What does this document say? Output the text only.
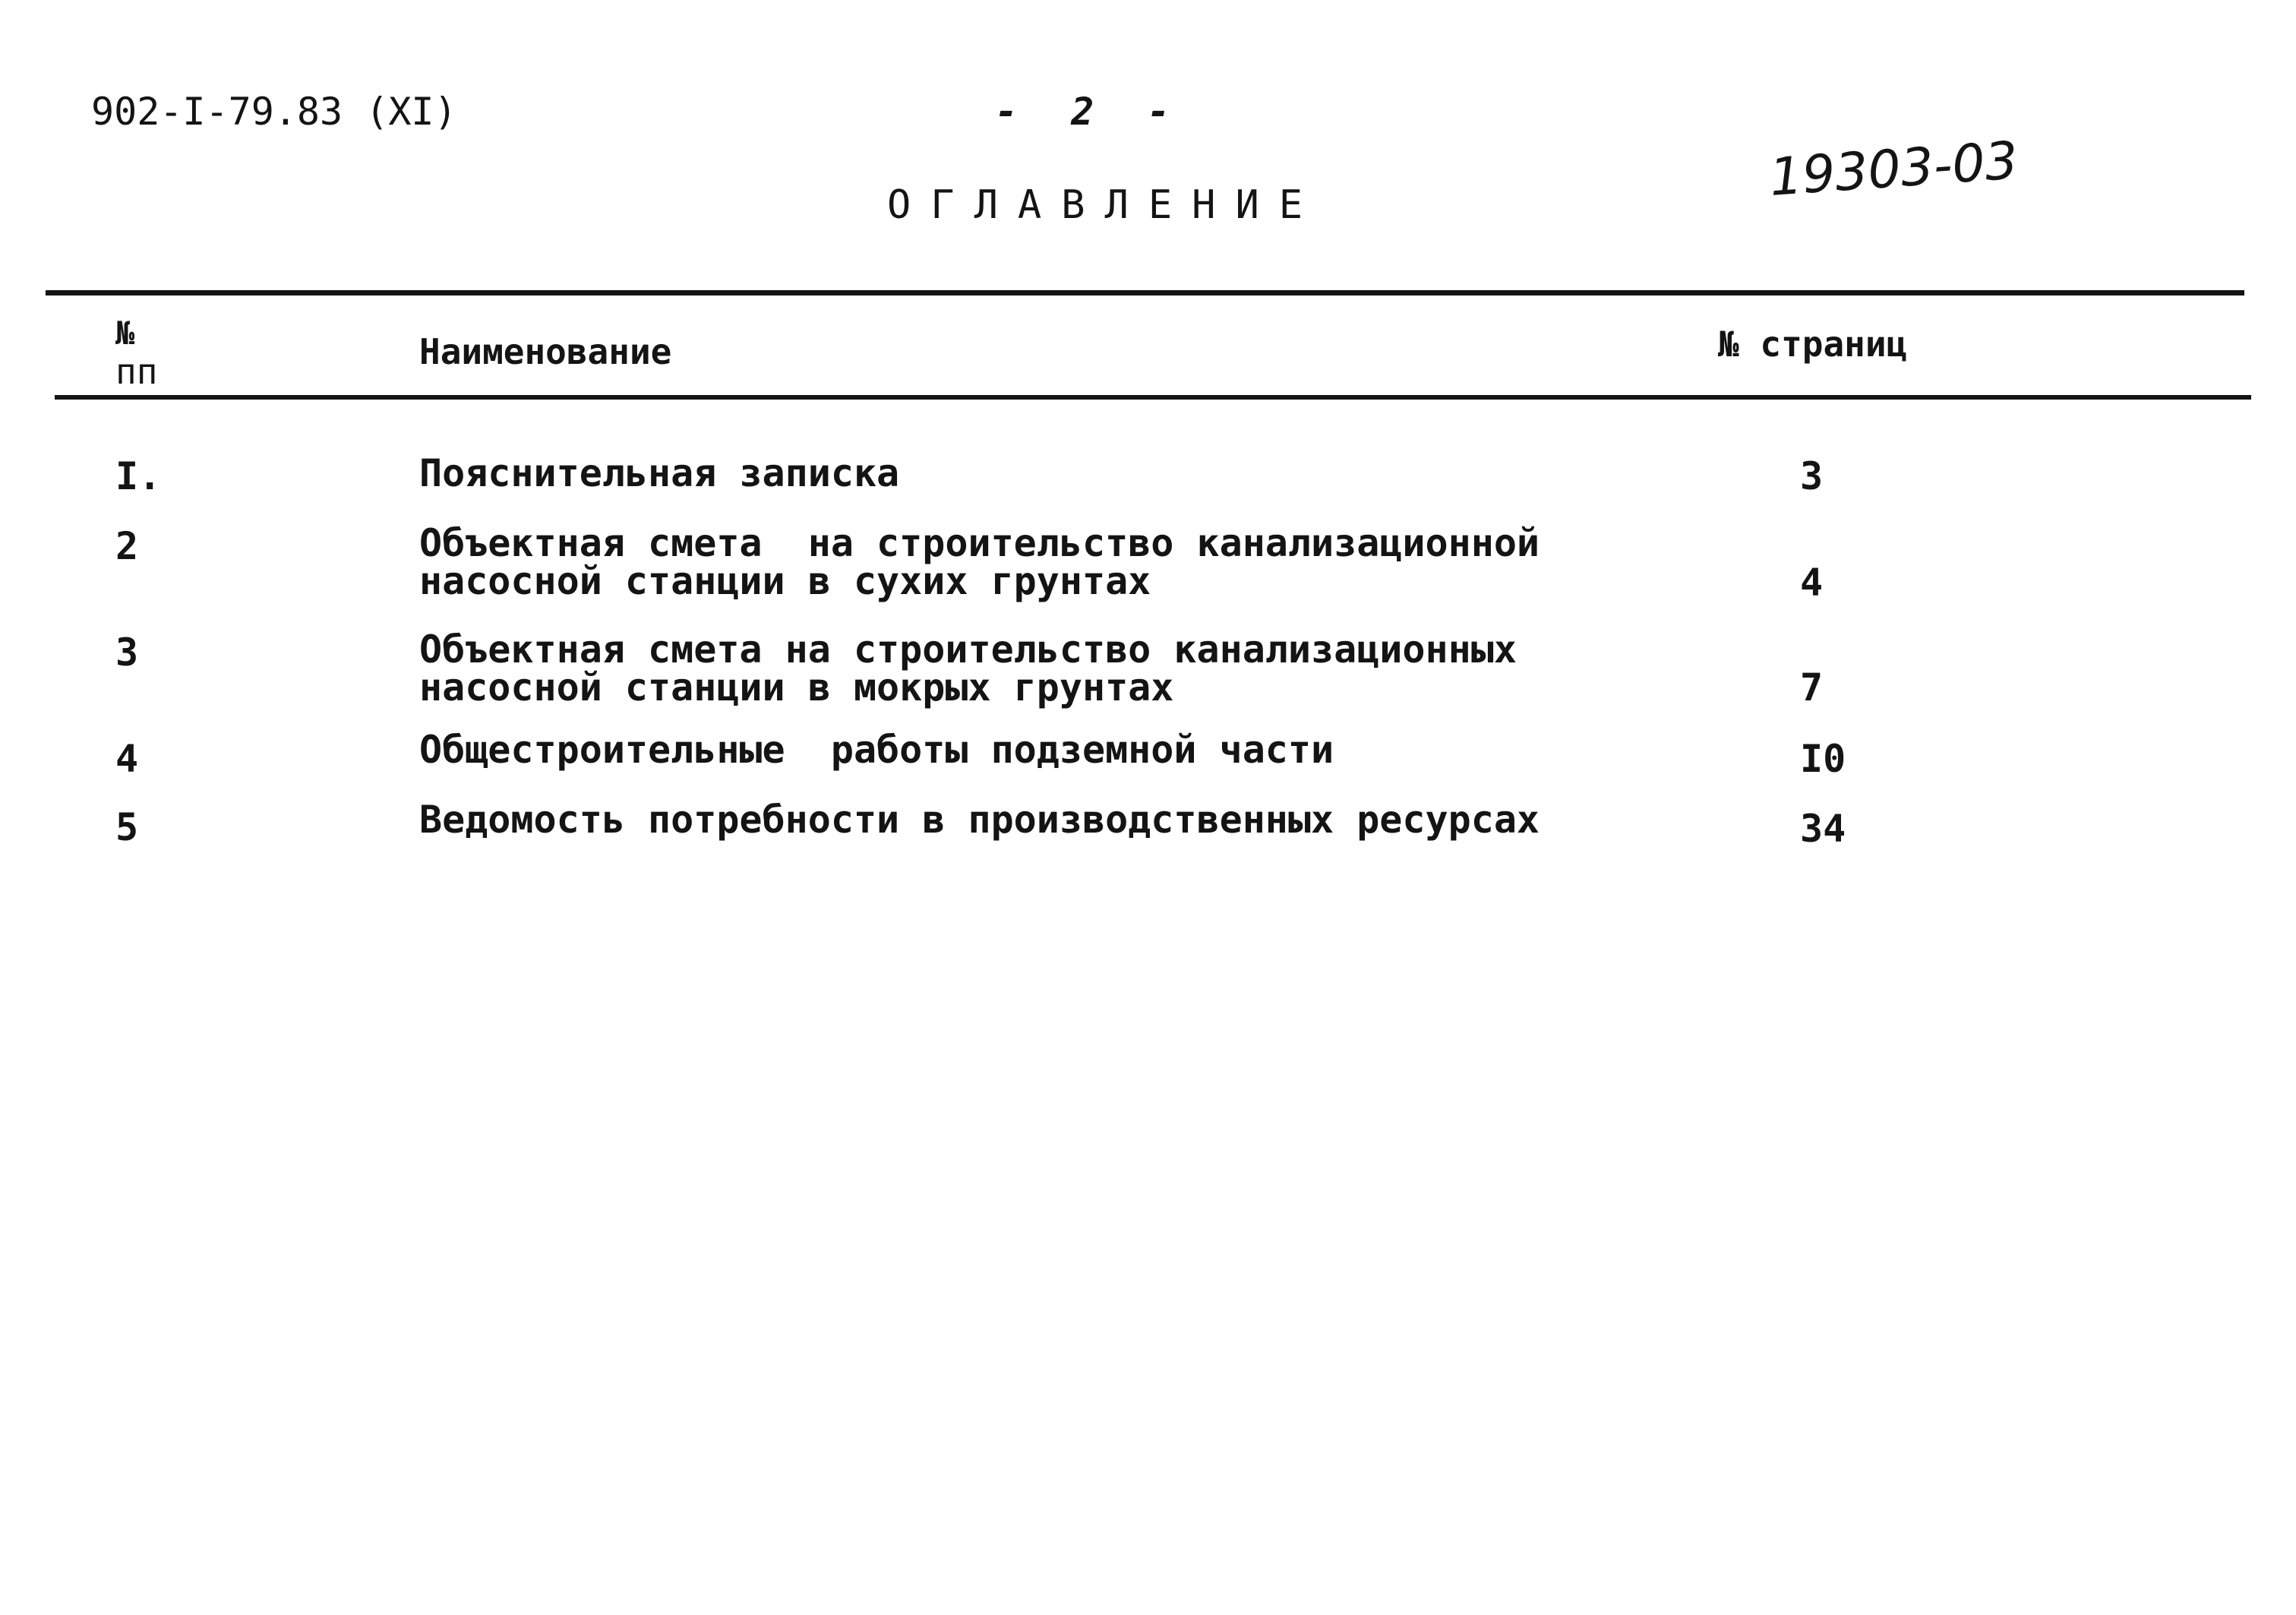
902-I-79.83 (XI)	- 2 -
19303-03
ОГЛАВЛЕНИЕ
№
пп	Наименование	№ страниц
I.	Пояснительная записка	3
2	Объектная смета  на строительство канализационной
насосной станции в сухих грунтах	4
3	Объектная смета на строительство канализационных
насосной станции в мокрых грунтах	7
4	Общестроительные  работы подземной части	I0
5	Ведомость потребности в производственных ресурсах	34
